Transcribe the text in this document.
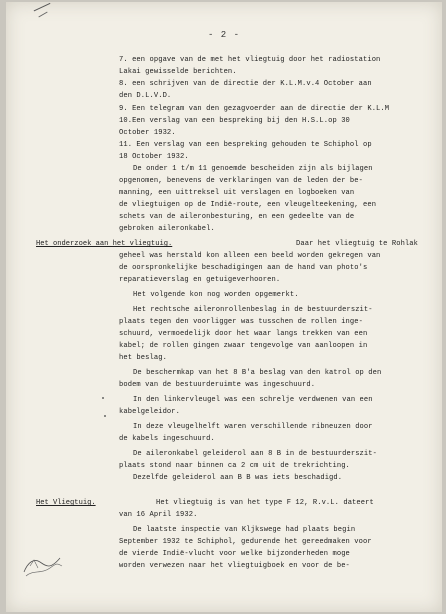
- 2 -
7. een opgave van de met het vliegtuig door het radiostation
Lakai gewisselde berichten.
8. een schrijven van de directie der K.L.M.v.4 October aan
den D.L.V.D.
9. Een telegram van den gezagvoerder aan de directie der K.L.M
10.Een verslag van een bespreking bij den H.S.L.op 30
October 1932.
11. Een verslag van een bespreking gehouden te Schiphol op
18 October 1932.
De onder 1 t/m 11 genoemde bescheiden zijn als bijlagen
opgenomen, benevens de verklaringen van de leden der be-
manning, een uittreksel uit verslagen en logboeken van
de vliegtuigen op de Indië-route, een vleugelteekening, een
schets van de aileronbesturing, en een gedeelte van de
gebroken aileronkabel.
Het onderzoek aan het vliegtuig.	Daar het vliegtuig te Rohlak
geheel was herstald kon alleen een beeld worden gekregen van
de oorspronkelijke beschadigingen aan de hand van photo's
reparatieverslag en getuigeverhooren.
Het volgende kon nog worden opgemerkt.
Het rechtsche aileronrollenbeslag in de bestuurderszit-
plaats tegen den voorligger was tusschen de rollen inge-
schuurd, vermoedelijk door het waar langs trekken van een
kabel; de rollen gingen zwaar tengevolge van aanloopen in
het beslag.
De beschermkap van het 8 B'a beslag van den katrol op den
bodem van de bestuurderuimte was ingeschuurd.
In den linkervleugel was een schrelje verdwenen van een
kabelgeleidor.
In deze vleugelhelft waren verschillende ribneuzen door
de kabels ingeschuurd.
De aileronkabel geleiderol aan 8 B in de bestuurderszit-
plaats stond naar binnen ca 2 cm uit de trekrichting.
Dezelfde geleiderol aan B B was iets beschadigd.
Het Vliegtuig.	Het vliegtuig is van het type F 12, R.v.L. dateert
van 16 April 1932.
De laatste inspectie van Kljkswege had plaats begin
September 1932 te Schiphol, gedurende het gereedmaken voor
de vierde Indië-vlucht voor welke bijzonderheden moge
worden verwezen naar het vliegtuigboek en voor de be-
